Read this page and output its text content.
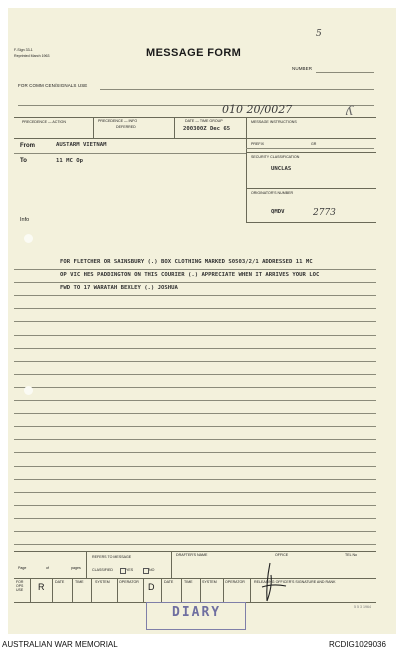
F-Sign 33-1
Reprinted March 1963	MESSAGE FORM
5
NUMBER
FOR COMM CEN/SIGNALS USE
010 20/0027	ʎ
PRECEDENCE — ACTION	PRECEDENCE — INFO
DEFERRED
DATE — TIME GROUP
200300Z Dec 65
MESSAGE INSTRUCTIONS
PREFIX	GR
SECURITY CLASSIFICATION
UNCLAS
ORIGINATOR'S NUMBER
QMDV	2773
From	AUSTARM VIETNAM
To	11 MC Op
Info
FOR FLETCHER OR SAINSBURY (.) BOX CLOTHING MARKED S0503/2/1 ADDRESSED 11 MC
OP VIC HES PADDINGTON ON THIS COURIER (.) APPRECIATE WHEN IT ARRIVES YOUR LOC
FWD TO 17 WARATAH BEXLEY (.) JOSHUA
Page	of	pages
REFERS TO MESSAGE
CLASSIFIED	YES	NO
DRAFTER'S NAME	OFFICE	TEL No
FOR OPS USE	R	DATE	TIME	SYSTEM	OPERATOR D	DATE	TIME	SYSTEM OPERATOR	RELEASING OFFICER'S SIGNATURE AND RANK
DIARY	5 5 3 1964
AUSTRALIAN WAR MEMORIAL	RCDIG1029036
